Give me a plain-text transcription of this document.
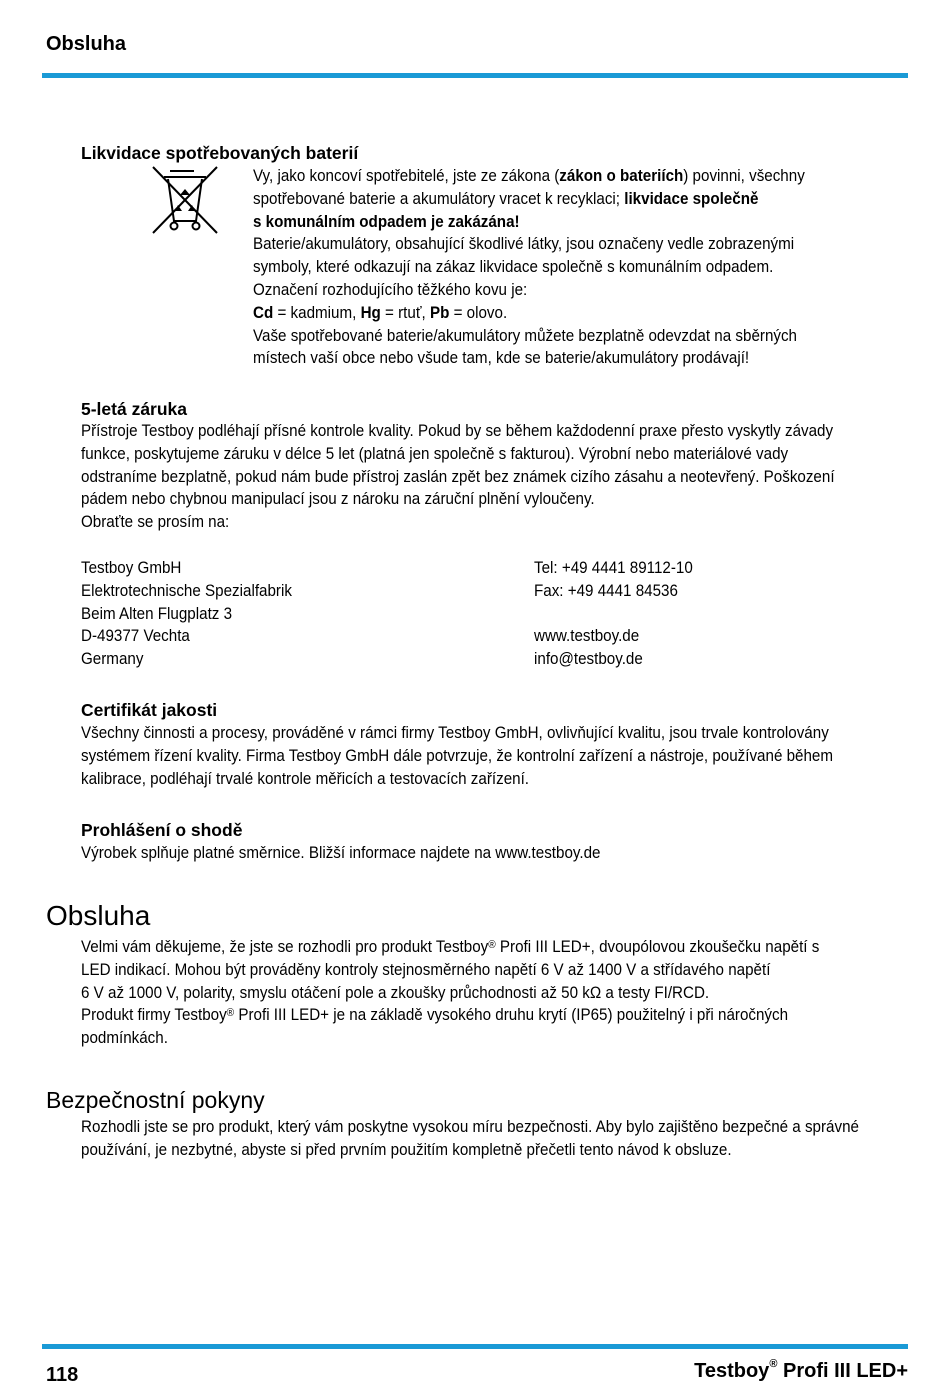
Obsluha
Likvidace spotřebovaných baterií
Vy, jako koncoví spotřebitelé, jste ze zákona (zákon o bateriích) povinni, všechny
spotřebované baterie a akumulátory vracet k recyklaci; likvidace společně
s komunálním odpadem je zakázána!
Baterie/akumulátory, obsahující škodlivé látky, jsou označeny vedle zobrazenými
symboly, které odkazují na zákaz likvidace společně s komunálním odpadem.
Označení rozhodujícího těžkého kovu je:
Cd = kadmium, Hg = rtuť, Pb = olovo.
Vaše spotřebované baterie/akumulátory můžete bezplatně odevzdat na sběrných
místech vaší obce nebo všude tam, kde se baterie/akumulátory prodávají!
5-letá záruka
Přístroje Testboy podléhají přísné kontrole kvality. Pokud by se během každodenní praxe přesto vyskytly závady
funkce, poskytujeme záruku v délce 5 let (platná jen společně s fakturou). Výrobní nebo materiálové vady
odstraníme bezplatně, pokud nám bude přístroj zaslán zpět bez známek cizího zásahu a neotevřený. Poškození
pádem nebo chybnou manipulací jsou z nároku na záruční plnění vyloučeny.
Obraťte se prosím na:
Testboy GmbH
Elektrotechnische Spezialfabrik
Beim Alten Flugplatz 3
D-49377 Vechta
Germany
Tel: +49 4441 89112-10
Fax: +49 4441 84536

www.testboy.de
info@testboy.de
Certifikát jakosti
Všechny činnosti a procesy, prováděné v rámci firmy Testboy GmbH, ovlivňující kvalitu, jsou trvale kontrolovány
systémem řízení kvality. Firma Testboy GmbH dále potvrzuje, že kontrolní zařízení a nástroje, používané během
kalibrace, podléhají trvalé kontrole měřicích a testovacích zařízení.
Prohlášení o shodě
Výrobek splňuje platné směrnice. Bližší informace najdete na www.testboy.de
Obsluha
Velmi vám děkujeme, že jste se rozhodli pro produkt Testboy® Profi III LED+, dvoupólovou zkoušečku napětí s
LED indikací. Mohou být prováděny kontroly stejnosměrného napětí 6 V až 1400 V a střídavého napětí
6 V až 1000 V, polarity, smyslu otáčení pole a zkoušky průchodnosti až 50 kΩ a testy FI/RCD.
Produkt firmy Testboy® Profi III LED+ je na základě vysokého druhu krytí (IP65) použitelný i při náročných
podmínkách.
Bezpečnostní pokyny
Rozhodli jste se pro produkt, který vám poskytne vysokou míru bezpečnosti. Aby bylo zajištěno bezpečné a správné
používání, je nezbytné, abyste si před prvním použitím kompletně přečetli tento návod k obsluze.
118	Testboy® Profi III LED+
